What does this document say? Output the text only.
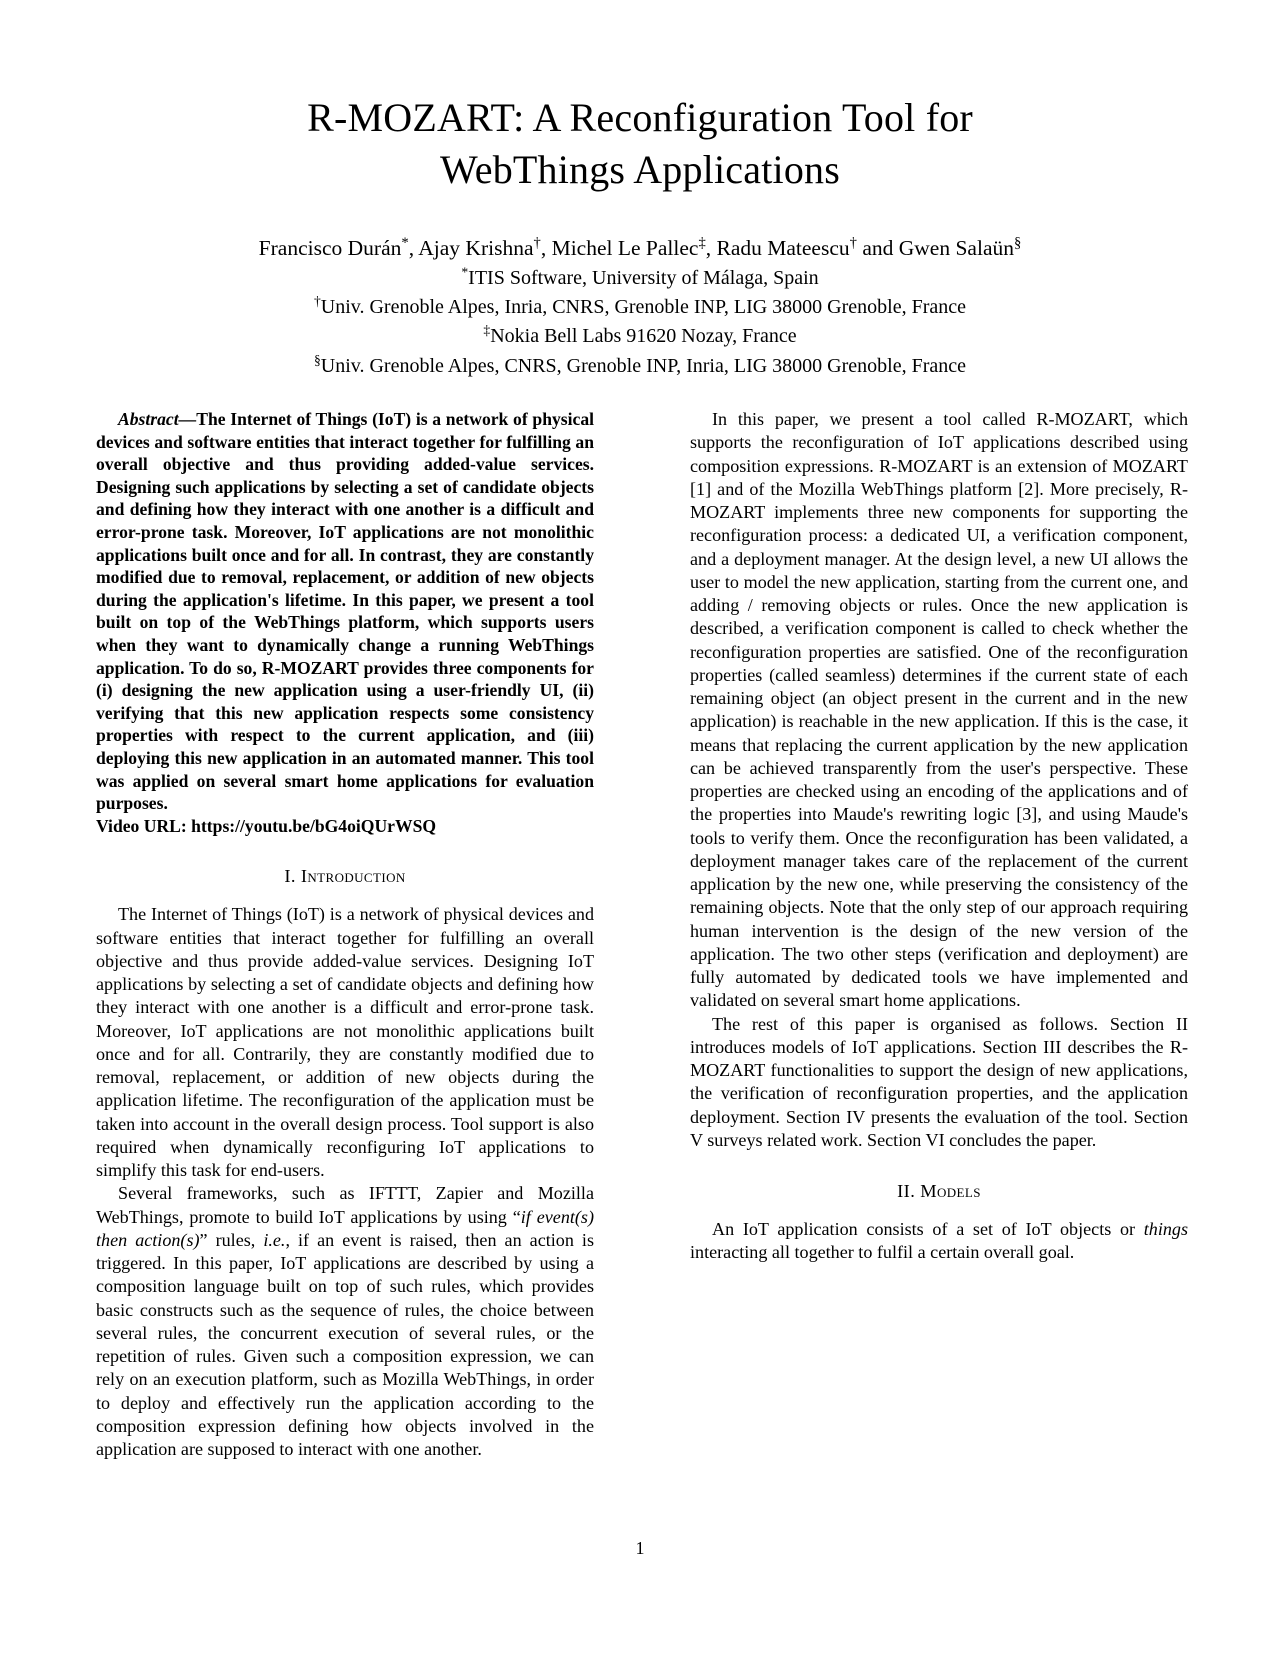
R-MOZART: A Reconfiguration Tool for
WebThings Applications
Francisco Durán*, Ajay Krishna†, Michel Le Pallec‡, Radu Mateescu† and Gwen Salaün§
*ITIS Software, University of Málaga, Spain
†Univ. Grenoble Alpes, Inria, CNRS, Grenoble INP, LIG 38000 Grenoble, France
‡Nokia Bell Labs 91620 Nozay, France
§Univ. Grenoble Alpes, CNRS, Grenoble INP, Inria, LIG 38000 Grenoble, France

Abstract—The Internet of Things (IoT) is a network of physical devices and software entities that interact together for fulfilling an overall objective and thus providing added-value services. Designing such applications by selecting a set of candidate objects and defining how they interact with one another is a difficult and error-prone task. Moreover, IoT applications are not monolithic applications built once and for all. In contrast, they are constantly modified due to removal, replacement, or addition of new objects during the application's lifetime. In this paper, we present a tool built on top of the WebThings platform, which supports users when they want to dynamically change a running WebThings application. To do so, R-MOZART provides three components for (i) designing the new application using a user-friendly UI, (ii) verifying that this new application respects some consistency properties with respect to the current application, and (iii) deploying this new application in an automated manner. This tool was applied on several smart home applications for evaluation purposes.

Video URL: https://youtu.be/bG4oiQUrWSQ

I. Introduction

The Internet of Things (IoT) is a network of physical devices and software entities that interact together for fulfilling an overall objective and thus provide added-value services. Designing IoT applications by selecting a set of candidate objects and defining how they interact with one another is a difficult and error-prone task. Moreover, IoT applications are not monolithic applications built once and for all. Contrarily, they are constantly modified due to removal, replacement, or addition of new objects during the application lifetime. The reconfiguration of the application must be taken into account in the overall design process. Tool support is also required when dynamically reconfiguring IoT applications to simplify this task for end-users.

Several frameworks, such as IFTTT, Zapier and Mozilla WebThings, promote to build IoT applications by using “if event(s) then action(s)” rules, i.e., if an event is raised, then an action is triggered. In this paper, IoT applications are described by using a composition language built on top of such rules, which provides basic constructs such as the sequence of rules, the choice between several rules, the concurrent execution of several rules, or the repetition of rules. Given such a composition expression, we can rely on an execution platform, such as Mozilla WebThings, in order to deploy and effectively run the application according to the composition expression defining how objects involved in the application are supposed to interact with one another.

In this paper, we present a tool called R-MOZART, which supports the reconfiguration of IoT applications described using composition expressions. R-MOZART is an extension of MOZART [1] and of the Mozilla WebThings platform [2]. More precisely, R-MOZART implements three new components for supporting the reconfiguration process: a dedicated UI, a verification component, and a deployment manager. At the design level, a new UI allows the user to model the new application, starting from the current one, and adding / removing objects or rules. Once the new application is described, a verification component is called to check whether the reconfiguration properties are satisfied. One of the reconfiguration properties (called seamless) determines if the current state of each remaining object (an object present in the current and in the new application) is reachable in the new application. If this is the case, it means that replacing the current application by the new application can be achieved transparently from the user's perspective. These properties are checked using an encoding of the applications and of the properties into Maude's rewriting logic [3], and using Maude's tools to verify them. Once the reconfiguration has been validated, a deployment manager takes care of the replacement of the current application by the new one, while preserving the consistency of the remaining objects. Note that the only step of our approach requiring human intervention is the design of the new version of the application. The two other steps (verification and deployment) are fully automated by dedicated tools we have implemented and validated on several smart home applications.

The rest of this paper is organised as follows. Section II introduces models of IoT applications. Section III describes the R-MOZART functionalities to support the design of new applications, the verification of reconfiguration properties, and the application deployment. Section IV presents the evaluation of the tool. Section V surveys related work. Section VI concludes the paper.

II. Models

An IoT application consists of a set of IoT objects or things interacting all together to fulfil a certain overall goal.

1
